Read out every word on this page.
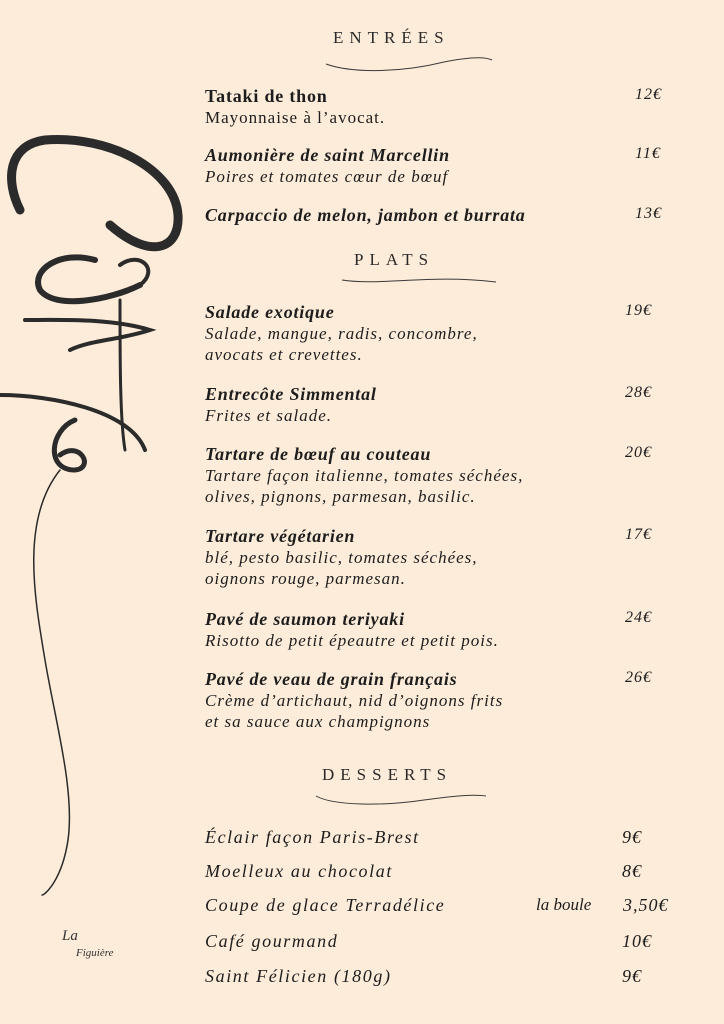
La
Figuière
ENTRÉES
Tataki de thon
Mayonnaise à l’avocat.
12€
Aumonière de saint Marcellin
Poires et tomates cœur de bœuf
11€
Carpaccio de melon, jambon et burrata	13€
PLATS
Salade exotique
Salade, mangue, radis, concombre,
avocats et crevettes.
19€
Entrecôte Simmental
Frites et salade.
28€
Tartare de bœuf au couteau
Tartare façon italienne, tomates séchées,
olives, pignons, parmesan, basilic.
20€
Tartare végétarien
blé, pesto basilic, tomates séchées,
oignons rouge, parmesan.
17€
Pavé de saumon teriyaki
Risotto de petit épeautre et petit pois.
24€
Pavé de veau de grain français
Crème d’artichaut, nid d’oignons frits
et sa sauce aux champignons
26€
DESSERTS
Éclair façon Paris-Brest	9€
Moelleux au chocolat	8€
Coupe de glace Terradélice	la boule 3,50€
Café gourmand	10€
Saint Félicien (180g)	9€
